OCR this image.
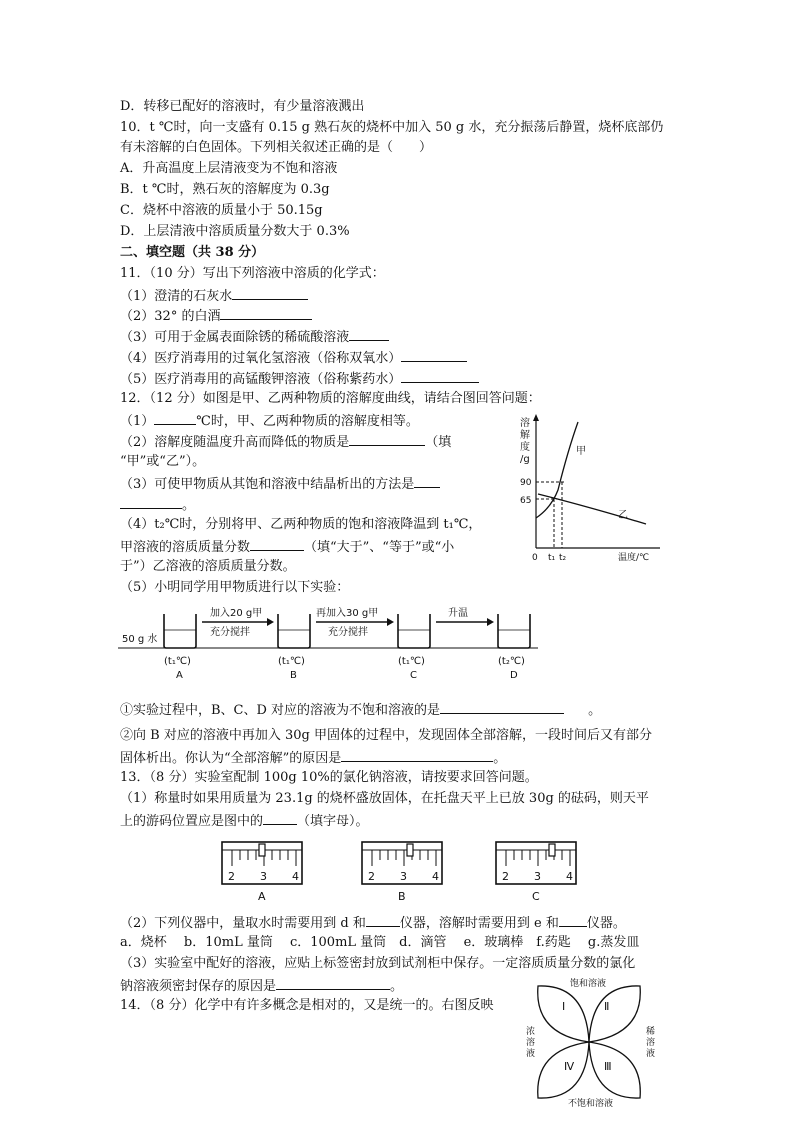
D．转移已配好的溶液时，有少量溶液溅出
10．t ℃时，向一支盛有 0.15 g 熟石灰的烧杯中加入 50 g 水，充分振荡后静置，烧杯底部仍
有未溶解的白色固体。下列相关叙述正确的是（　　）
A．升高温度上层清液变为不饱和溶液
B．t ℃时，熟石灰的溶解度为 0.3g
C．烧杯中溶液的质量小于 50.15g
D．上层清液中溶质质量分数大于 0.3%
二、填空题（共 38 分）
11．（10 分）写出下列溶液中溶质的化学式：
（1）澄清的石灰水
（2）32° 的白酒
（3）可用于金属表面除锈的稀硫酸溶液
（4）医疗消毒用的过氧化氢溶液（俗称双氧水）
（5）医疗消毒用的高锰酸钾溶液（俗称紫药水）
12．（12 分）如图是甲、乙两种物质的溶解度曲线，请结合图回答问题：
（1）	℃时，甲、乙两种物质的溶解度相等。
（2）溶解度随温度升高而降低的物质是	（填
“甲”或“乙”）。
（3）可使甲物质从其饱和溶液中结晶析出的方法是
。
（4）t₂℃时，分别将甲、乙两种物质的饱和溶液降温到 t₁℃，
甲溶液的溶质质量分数	（填“大于”、“等于”或“小
于”）乙溶液的溶质质量分数。
（5）小明同学用甲物质进行以下实验：
溶
解
度
/g
90
65
甲
乙
0 t₁ t₂	温度/℃
50 g 水
加入20 g甲
充分搅拌
再加入30 g甲
充分搅拌
升温
(t₁℃)	(t₁℃)	(t₁℃)	(t₂℃)
A	B	C	D
①实验过程中，B、C、D 对应的溶液为不饱和溶液的是	。
②向 B 对应的溶液中再加入 30g 甲固体的过程中，发现固体全部溶解，一段时间后又有部分
固体析出。你认为“全部溶解”的原因是	。
13．（8 分）实验室配制 100g 10%的氯化钠溶液，请按要求回答问题。
（1）称量时如果用质量为 23.1g 的烧杯盛放固体，在托盘天平上已放 30g 的砝码，则天平
上的游码位置应是图中的	（填字母）。
2 3 4
A
2 3 4
B
2 3 4
C
（2）下列仪器中，量取水时需要用到 d 和	仪器，溶解时需要用到 e 和 仪器。
a．烧杯　 b．10mL 量筒　 c．100mL 量筒　d．滴管　 e．玻璃棒　f.药匙　 g.蒸发皿
（3）实验室中配好的溶液，应贴上标签密封放到试剂柜中保存。一定溶质质量分数的氯化
钠溶液须密封保存的原因是	。
14．（8 分）化学中有许多概念是相对的，又是统一的。右图反映
饱和溶液
Ⅰ	Ⅱ
Ⅲ
Ⅳ
浓
溶
液
稀
溶
液
不饱和溶液
